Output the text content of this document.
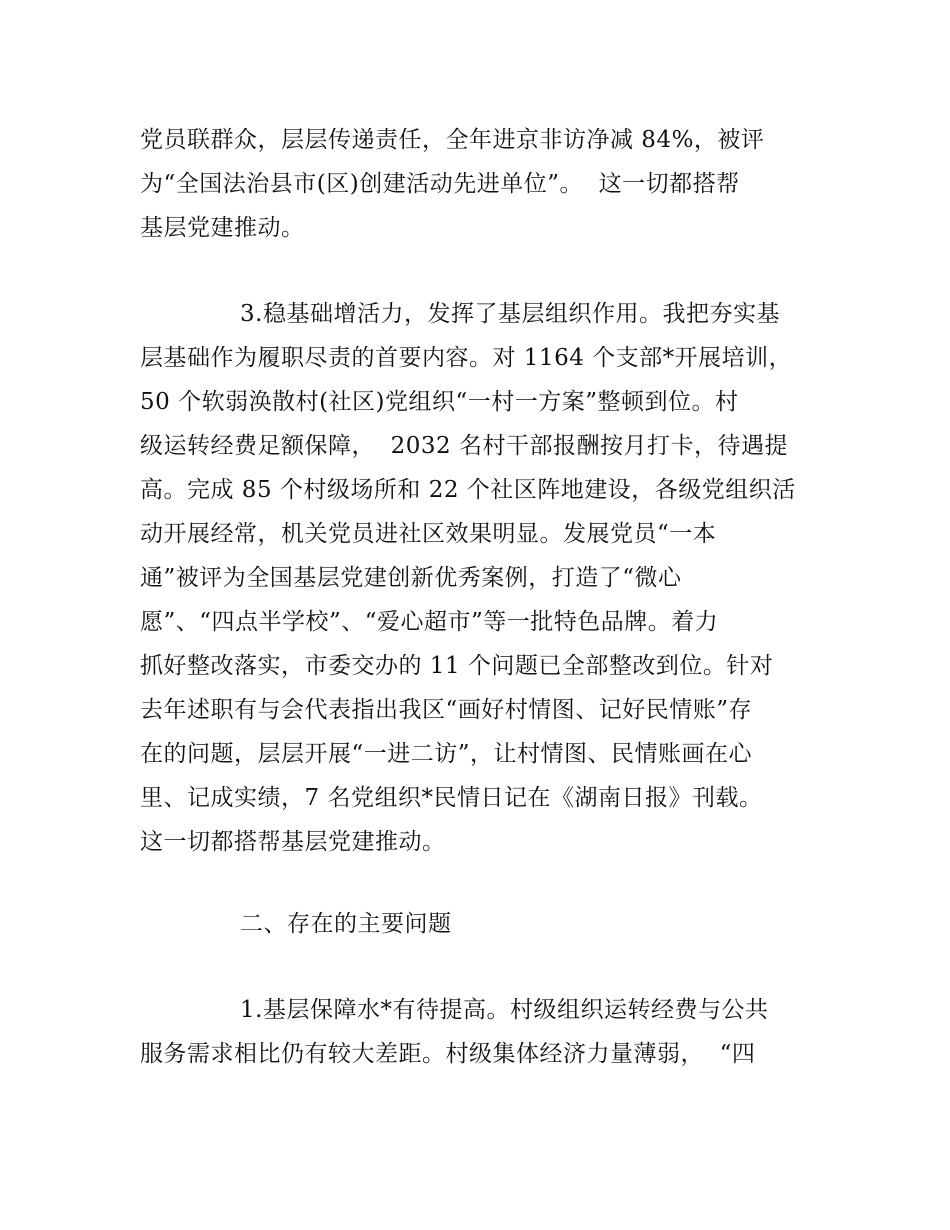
党员联群众，层层传递责任，全年进京非访净减 84%，被评
为“全国法治县市(区)创建活动先进单位”。  这一切都搭帮
基层党建推动。
3.稳基础增活力，发挥了基层组织作用。我把夯实基
层基础作为履职尽责的首要内容。对 1164 个支部*开展培训，
50 个软弱涣散村(社区)党组织“一村一方案”整顿到位。村
级运转经费足额保障，  2032 名村干部报酬按月打卡，待遇提
高。完成 85 个村级场所和 22 个社区阵地建设，各级党组织活
动开展经常，机关党员进社区效果明显。发展党员“一本
通”被评为全国基层党建创新优秀案例，打造了“微心
愿”、“四点半学校”、“爱心超市”等一批特色品牌。着力
抓好整改落实，市委交办的 11 个问题已全部整改到位。针对
去年述职有与会代表指出我区“画好村情图、记好民情账”存
在的问题，层层开展“一进二访”，让村情图、民情账画在心
里、记成实绩，7 名党组织*民情日记在《湖南日报》刊载。
这一切都搭帮基层党建推动。
二、存在的主要问题
1.基层保障水*有待提高。村级组织运转经费与公共
服务需求相比仍有较大差距。村级集体经济力量薄弱，  “四
